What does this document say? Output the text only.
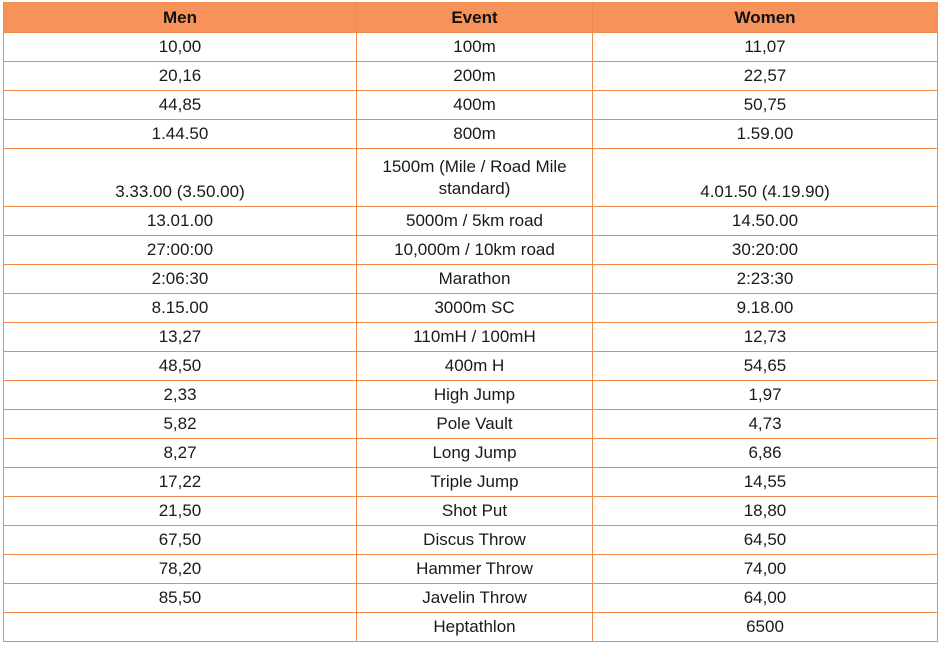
Men	Event	Women
10,00	100m	11,07
20,16	200m	22,57
44,85	400m	50,75
1.44.50	800m	1.59.00
3.33.00 (3.50.00)	1500m (Mile / Road Mile standard)	4.01.50 (4.19.90)
13.01.00	5000m / 5km road	14.50.00
27:00:00	10,000m / 10km road	30:20:00
2:06:30	Marathon	2:23:30
8.15.00	3000m SC	9.18.00
13,27	110mH / 100mH	12,73
48,50	400m H	54,65
2,33	High Jump	1,97
5,82	Pole Vault	4,73
8,27	Long Jump	6,86
17,22	Triple Jump	14,55
21,50	Shot Put	18,80
67,50	Discus Throw	64,50
78,20	Hammer Throw	74,00
85,50	Javelin Throw	64,00
	Heptathlon	6500
